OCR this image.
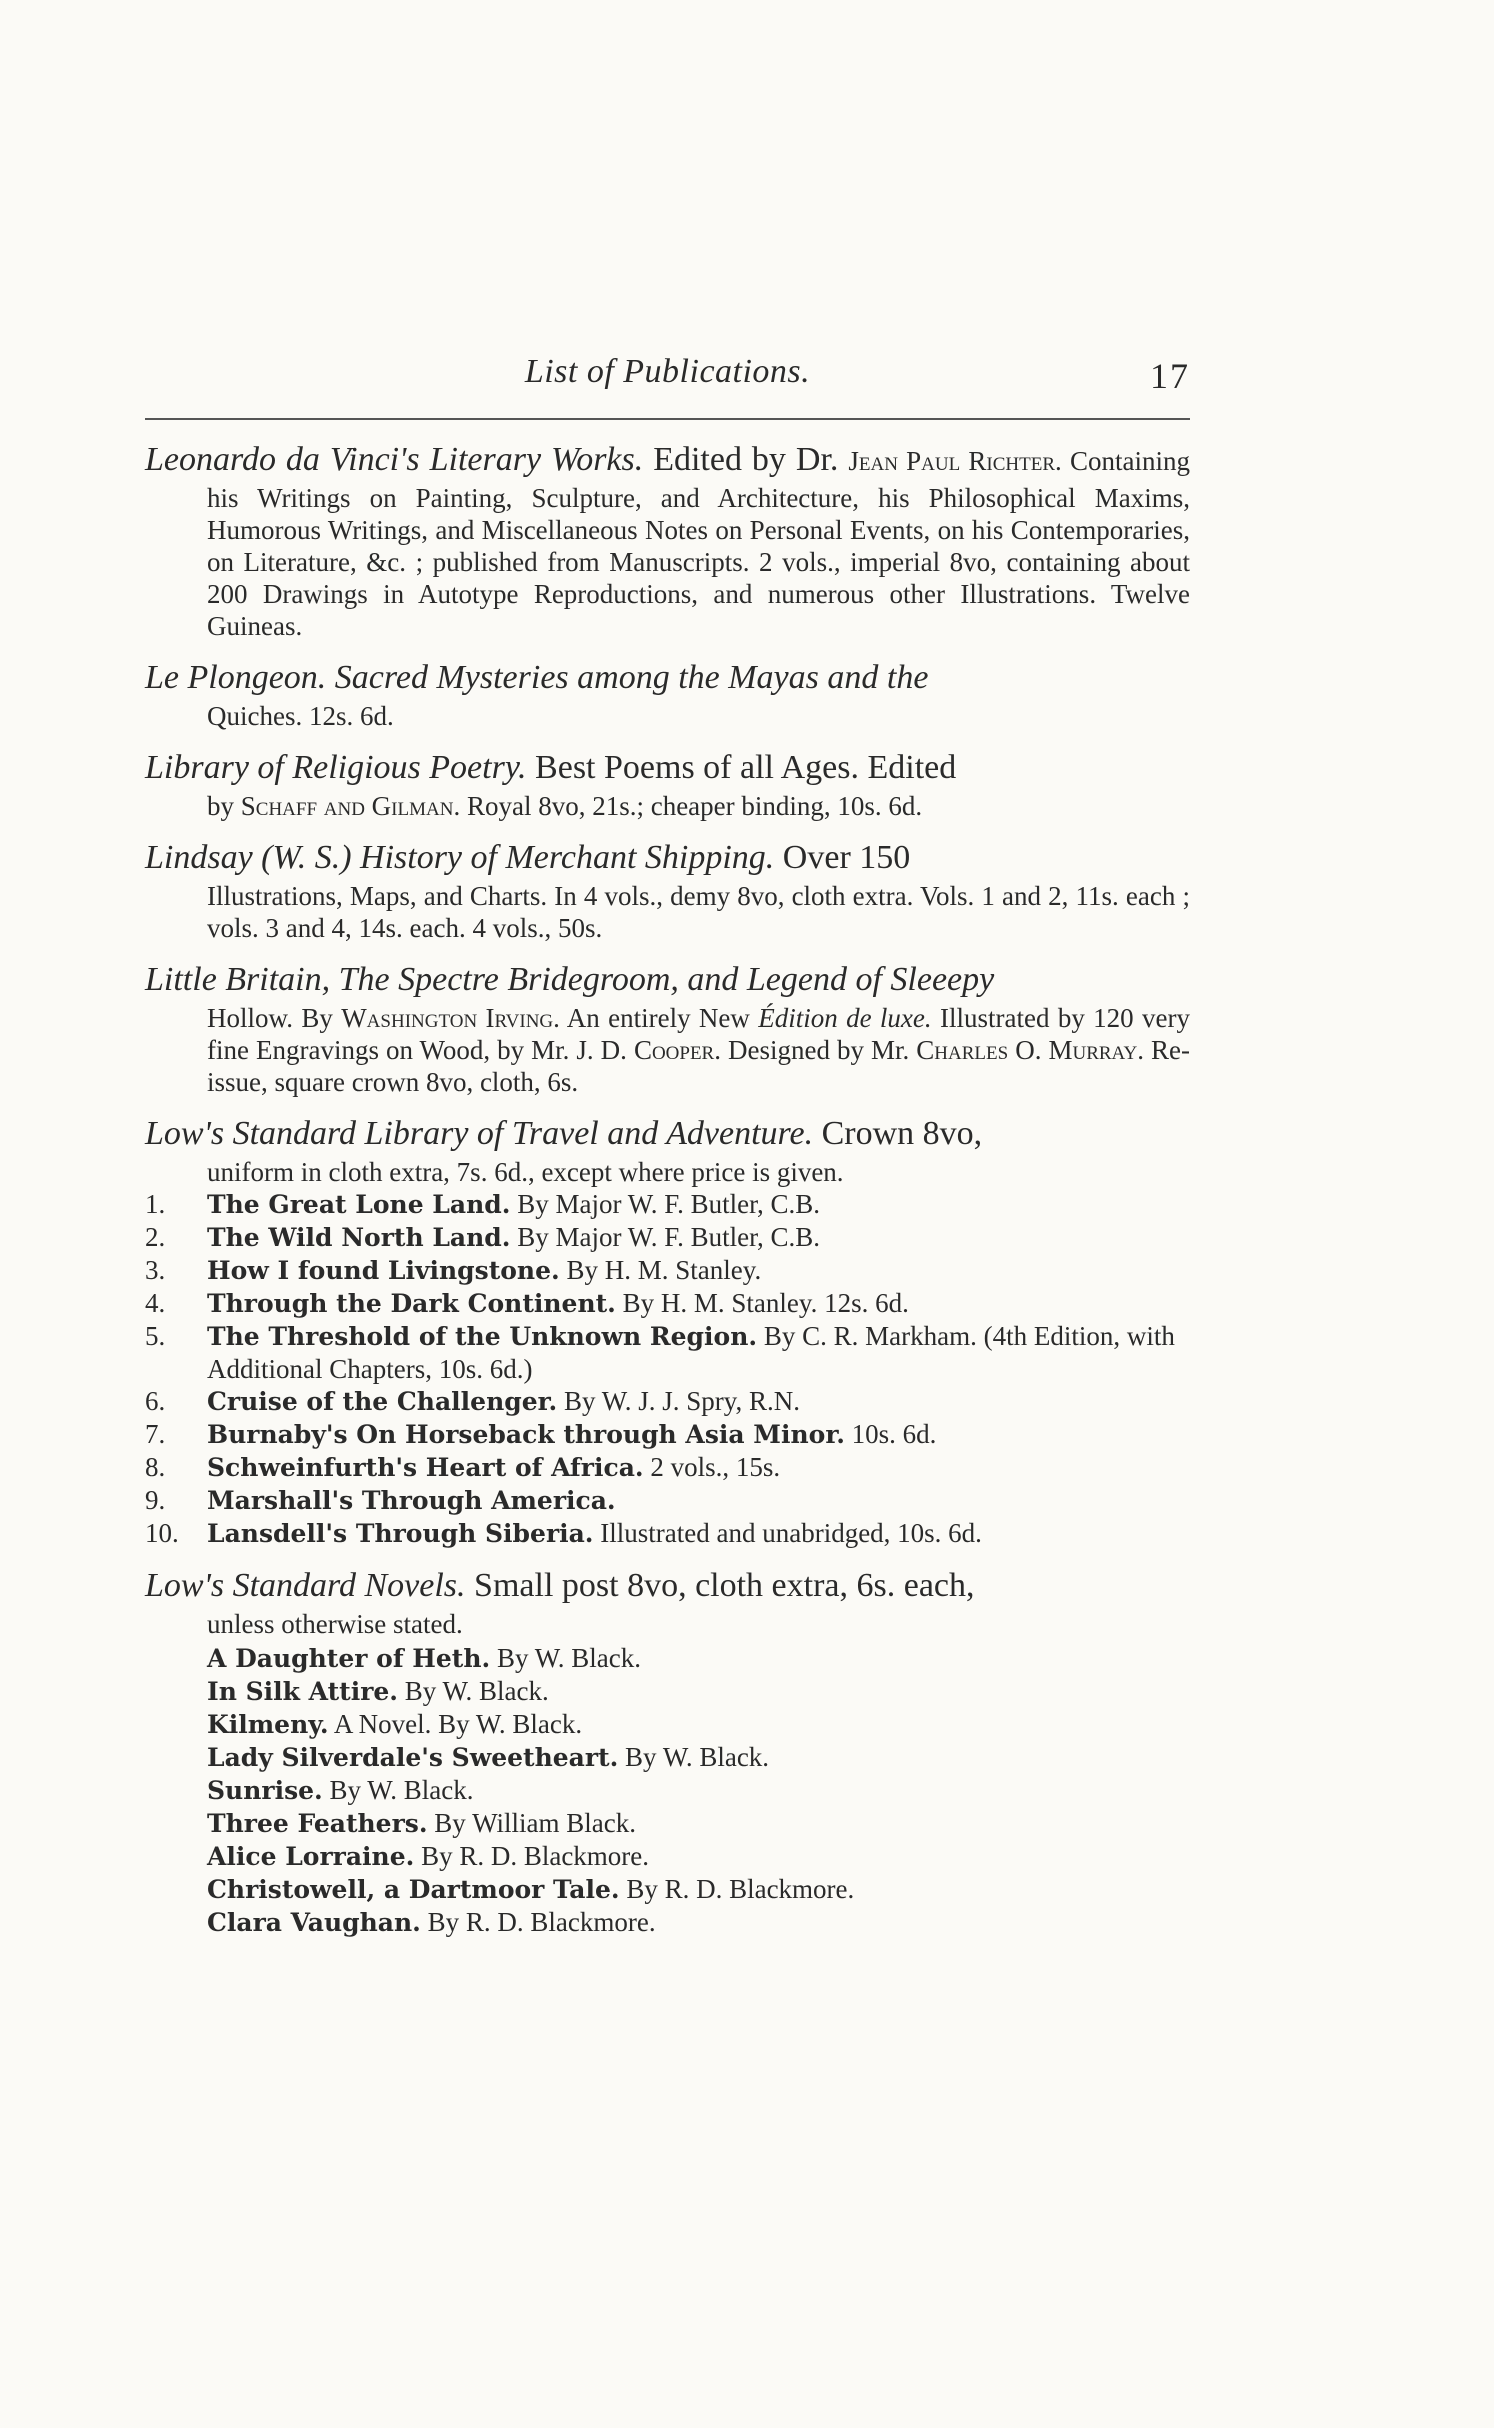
List of Publications.	17
Leonardo da Vinci's Literary Works. Edited by Dr. Jean Paul Richter. Containing his Writings on Painting, Sculpture, and Architecture, his Philosophical Maxims, Humorous Writings, and Miscellaneous Notes on Personal Events, on his Contemporaries, on Literature, &c. ; published from Manuscripts. 2 vols., imperial 8vo, containing about 200 Drawings in Autotype Reproductions, and numerous other Illustrations. Twelve Guineas.
Le Plongeon. Sacred Mysteries among the Mayas and the
Quiches. 12s. 6d.
Library of Religious Poetry. Best Poems of all Ages. Edited
by Schaff and Gilman. Royal 8vo, 21s.; cheaper binding, 10s. 6d.
Lindsay (W. S.) History of Merchant Shipping. Over 150
Illustrations, Maps, and Charts. In 4 vols., demy 8vo, cloth extra. Vols. 1 and 2, 11s. each ; vols. 3 and 4, 14s. each. 4 vols., 50s.
Little Britain, The Spectre Bridegroom, and Legend of Sleeepy
Hollow. By Washington Irving. An entirely New Édition de luxe. Illustrated by 120 very fine Engravings on Wood, by Mr. J. D. Cooper. Designed by Mr. Charles O. Murray. Re-issue, square crown 8vo, cloth, 6s.
Low's Standard Library of Travel and Adventure. Crown 8vo,
uniform in cloth extra, 7s. 6d., except where price is given.
1.	The Great Lone Land. By Major W. F. Butler, C.B.
2.	The Wild North Land. By Major W. F. Butler, C.B.
3.	How I found Livingstone. By H. M. Stanley.
4.	Through the Dark Continent. By H. M. Stanley. 12s. 6d.
5.	The Threshold of the Unknown Region. By C. R. Markham. (4th Edition, with Additional Chapters, 10s. 6d.)
6.	Cruise of the Challenger. By W. J. J. Spry, R.N.
7.	Burnaby's On Horseback through Asia Minor. 10s. 6d.
8.	Schweinfurth's Heart of Africa. 2 vols., 15s.
9.	Marshall's Through America.
10.	Lansdell's Through Siberia. Illustrated and unabridged, 10s. 6d.
Low's Standard Novels. Small post 8vo, cloth extra, 6s. each,
unless otherwise stated.
A Daughter of Heth. By W. Black.
In Silk Attire. By W. Black.
Kilmeny. A Novel. By W. Black.
Lady Silverdale's Sweetheart. By W. Black.
Sunrise. By W. Black.
Three Feathers. By William Black.
Alice Lorraine. By R. D. Blackmore.
Christowell, a Dartmoor Tale. By R. D. Blackmore.
Clara Vaughan. By R. D. Blackmore.
